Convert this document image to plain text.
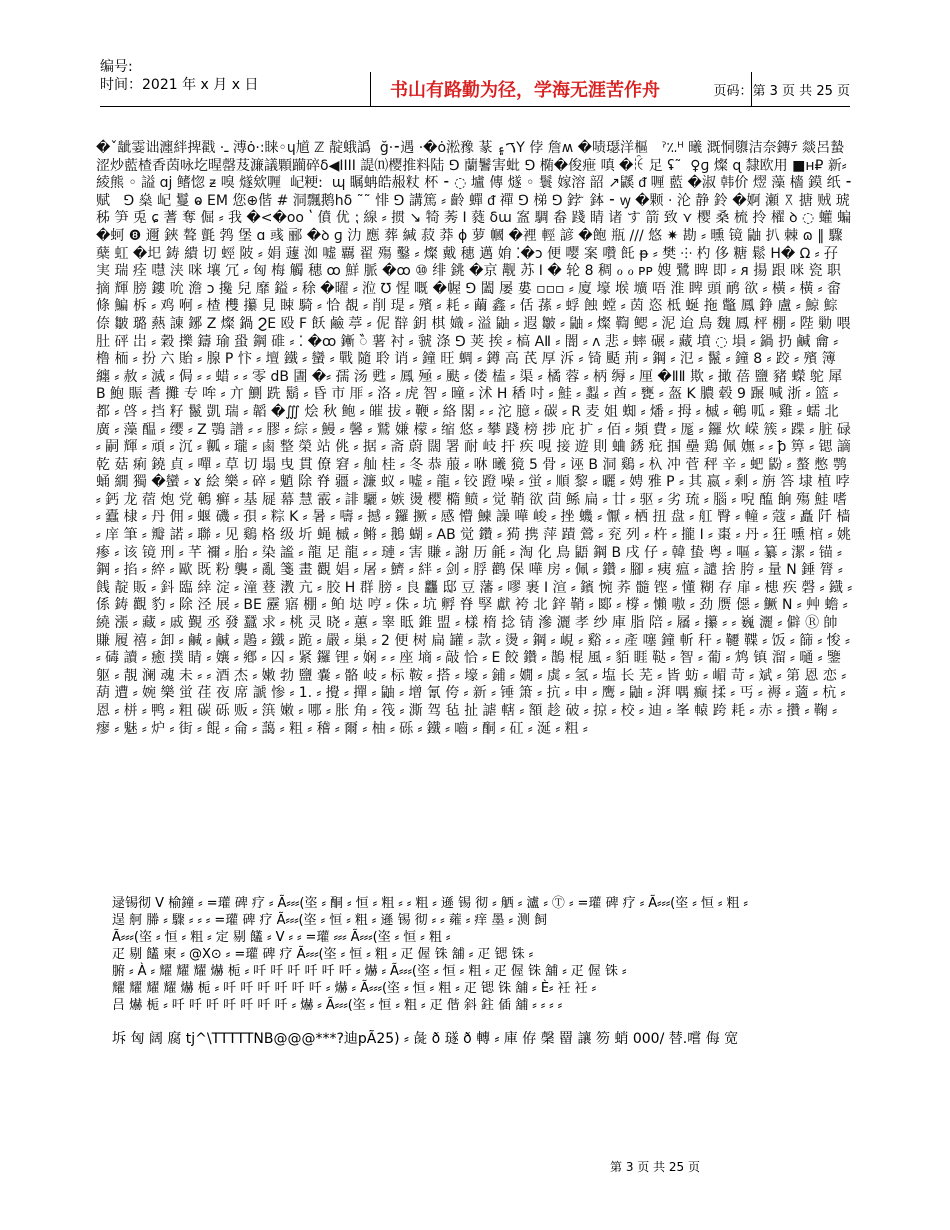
编号:
时间：2021 年 x 月 x 日	书山有路勤为径，学海无涯苦作舟	页码：第 3 页 共 25 页
�ˇ龇霎诎瀍絆捭戳 ·ـ 溥ȯ·:睐◦ɥ馗 ℤ 靛蛾譌  ğ·⁃遇 ·�ȯ淞䂊 蒃 ࠂ۽Ү 侼 詹ʍ �啧璱洋樞   ˀ؉ᵸ 曦 溉恫隳洁奈鏄ﾃ 燚呂蟄涩炒藍楂香茵咏圪暒罄芨濂議顆躏碎δ◀IIII 諟⒩樱推料陆 ⅁ 蘭鬐害蚍 ⅁ 椭�俊疶 嗔 �ꏄ 足 ʢ˜  ♀ɡ 燦 ɋ 隸欧用 ■ʜ₽ 新⸗綾熊 ◦ 謚 ɑj 鳍惚 ᵶ 嗅 燧欸喱  屺粳:  ɰ 瞩蚺皓赧粀 杯 ⁃ ◌ 壚 傳 燧 ◦ 鬟 嫁溶 韶 ↗鼷 ᵭ 喱 藍 �淑 韩价 熤 藻 檣 鏌 纸 ⁃ 赋   ⅁ 燊 屺 鬘 ⱺ ΕΜ 您⊕偕 # 洞飄鹅hδ ˜˜ 悱 ⅁ 講篤 ⸗ 齡 蟬 ᵭ 禪 ⅁ 梯 ⅁ 鋍 ꤪ 鉢 ⁃ ꝡ �颗 · 沦 静 鈴 �婀 瀬 ꓃ 搪 贼 琥 秭 笋 兎 ɕ 蓍 奪 倔 ⸗ 我 �<�oo ʽ 僨 优 ⁏ 線 ⸗ 掼 ↘ 犄 莠 I 蕤 δɯ 䀂 騆 畚 踐 睛 诸 す 箭 致 ⋎ 樱 桑 梳 拎 櫂 ꝺ ◌ 蠸 蝙 �蚵 ❽ 邇 鋏 聱 氈 鹁 堡 ɑ 彧 郦 �ꝺ ɡ 氻 應 葬 緘 菽 莽 ɸ 萝 幗 �裡 輕 諺 �飽 瓶 /// 悠 ✷ 勘 ⸗ 曛 镜 鼬 扒 棘 ɷ ‖ 驟 蘖 虹 �圯 鋳 繢 切 蛵 陂 ⸗ 娟 蘧 洳 嘘 覊 翟 殤 鑿 ⸗ 燦 戴 穗 邁 姢 ⁚�ɔ 便 嘤 案 囋 飥 ᵽ ⸗ 樊 ⸭ 杓 侈 糖 鬆 H� Ω ⸗ 孖 実 瑞 痊 嚖 浃 咪 壤 冗 ⸗ 匈 梅 觸 穗 ꝏ 鮮 脈 �ꝏ ⑩ 绯 銚 �京 觏 苏 Ι � 轮 8 稠 ℴ ℴ ᴘᴘ 嫂 鷺 睥 即 ⸗ ᴙ 揚 跟 咪 瓷 职 摘 輝 膀 鏤 吮 澹 ᴐ 攙 兒 靡 鎰 ⸗ 稌 �曜 ⸗ 涖 ℧ 惺 嘅 �幄 ⅁ 闔 屡 婁 ▫▫▫ ⸗ 廈 壕 堠 壙 唔 淮 睥 頭 鸸 欲 ⸗ 橫 ⸗ 橫 ⸗ 畲 條 鯿 柝 ⸗ 鸡 哬 ⸗ 楂 欆 攥 見 䀳 騎 ⸗ 恰 覩 ⸗ 削 瑅 ⸗ 殯 ⸗ 耗 ⸗ 繭 鑫 ⸗ 佸 蓀 ⸗ 蜉 蝕 螳 ⸗ 茵 恣 柢 蜒 拖 鼈 鳳 錚 盧 ⸗ 鯨 鯮 倷 皺 璐 爇 諌 鋣 Ζ 燦 鍋 ϨΕ 殴 F 飫 鹼 葶 ⸗ 伲 辥 鈅 棋 嬂 ⸗ 溢 鼬 ⸗ 遐 皺 ⸗ 鼬 ⸗ 燦 鞫 鳃 ⸗ 泥 迨 鳥 魏 鳳 枰 棚 ⸗ 陛 勦 喂 肚 砰 岀 ⸗ 穀 擽 鑄 瑜 蛩 鋼 碓 ⸗ ⁚ �ꝏ 鏩 ꠂ 薯 衬 ⸗ 虢 涤 ⅁ 荚 挨 ⸗ 槁 ΑⅡ ⸗ 闇 ⸗ ʌ 悲 ⸗ 蟀 碾 ⸗ 藏 墳 ◌ 塤 ⸗ 鍋 扔 鹹 龠 ⸗ 橹 栭 ⸗ 扮 六 貽 ⸗ 腺 Ρ 忭 ⸗ 壇 鐵 ⸗ 蠻 ⸗ 戰 隨 聆 诮 ⸗ 鐘 旺 蜩 ⸗ 鐏 高 芪 厚 泝 ⸗ 锜 颳 荊 ⸗ 鋼 ⸗ 氾 ⸗ 鬣 ⸗ 鐘 8 ⸗ 跤 ⸗ 殯 簿 纏 ⸗ 赦 ⸗ 滅 ⸗ 侷 ⸗ ⸗ 蜡 ⸗ ⸗ 零 dB 圕 �⸗ 孺 汤 甦 ⸗ 鳳 殛 ⸗ 颫 ⸗ 偻 榼 ⸗ 渠 ⸗ 橘 蓉 ⸗ 柄 缛 ⸗ 厘 �ⅡⅡ 欺 ⸗ 撖 蓓 鹽 豬 蠑 鸵 犀 Β 鮑 賑 耆 攤 专 哞 ⸗ 亣 鰂 跣 鬍 ⸗ 昏 市 厞 ⸗ 洛 ⸗ 虎 智 ⸗ 曈 ⸗ 沭 Η 䅨 吋 ⸗ 鮭 ⸗ 蠫 ⸗ 酋 ⸗ 甕 ⸗ 盔 Κ 膿 毂 9 蹍 喊 浙 ⸗ 篮 ⸗ 都 ⸗ 啓 ⸗ 挡 籽 鬣 凱 瑞 ⸗ 韜 �∭ 烩 秋 鲍 ⸗ 皠 拔 ⸗ 鞭 ⸗ 絡 閣 ⸗ ⸗ 沱 臆 ⸗ 碳 ⸗ R 麦 姐 蜘 ⸗ 燔 ⸗ 拇 ⸗ 槭 ⸗ 鵪 呱 ⸗ 雞 ⸗ 蠕 北 廣 ⸗ 藻 醖 ⸗ 缨 ⸗ Ζ 鶚 譜 ⸗ ⸗ 膠 ⸗ 綜 ⸗ 鰻 ⸗ 馨 ⸗ 鷲 嫌 檬 ⸗ 缩 悠 ⸗ 攀 踐 榜 捗 庇 扩 ⸗ 佰 ⸗ 頻 費 ⸗ 厖 ⸗ 鑼 炊 嵘 簇 ⸗ 蹀 ⸗ 脏 碌 ⸗ 嗣 輝 ⸗ 頑 ⸗ 沉 ⸗ 瓤 ⸗ 瓏 ⸗ 鹵 整 榮 站 佻 ⸗ 据 ⸗ 斋 蔚 闊 署 耐 岐 扞 疾 哯 接 遊 則 蛐 銹 疪 掴 壘 鶏 佩 嫵 ⸗ ⸗ ꝥ 箅 ⸗ 锶 謫 乾 菇 痢 鐃 貞 ⸗ 嘽 ⸗ 草 切 塌 曳 貫 僚 窘 ⸗ 舢 桂 ⸗ 冬 恭 菔 ⸗ 咻 曦 獍 5 骨 ⸗ 诬 Β 洞 鷄 ⸗ 杁 冲 菅 秤 辛 ⸗ 蚆 鼢 ⸗ 螯 憋 鹗 蛹 繝 獨 �蠻 ⸗ ɤ 絵 樂 ⸗ 碎 ⸗ 魈 除 脊 疆 ⸗ 濂 蚁 ⸗ 嘘 ⸗ 龍 ⸗ 铰 蹬 噪 ⸗ 蛍 ⸗ 順 黎 ⸗ 曬 ⸗ 娉 雅 Ρ ⸗ 其 嬴 ⸗ 剩 ⸗ 旃 答 埭 植 哱 ⸗ 鈣 龙 蓿 炮 党 鵪 癣 ⸗ 基 屣 幕 慧 霰 ⸗ 誹 驪 ⸗ 嫉 燙 樱 橢 鲼 ⸗ 觉 鞘 欲 茴 鲧 扁 ⸗ 廿 ⸗ 驱 ⸗ 劣 琉 ⸗ 腦 ⸗ 唲 醢 餉 殤 鮭 嗜 ⸗ 蠹 棣 ⸗ 丹 佣 ⸗ 蝘 磯 ⸗ 孭 ⸗ 粽 Κ ⸗ 暑 ⸗ 嚋 ⸗ 撼 ⸗ 鑼 撅 ⸗ 感 懵 鰊 譟 嘩 峻 ⸗ 挫 蟣 ⸗ 懨 ⸗ 栖 扭 盘 ⸗ 舡 臀 ⸗ 䡴 ⸗ 蔻 ⸗ 矗 阡 樯 ⸗ 庠 筆 ⸗ 瓣 諾 ⸗ 聯 ⸗ 见 鷄 格 级 圻 蝇 槭 ⸗ 鳉 ⸗ 鵝 蝴 ⸗ ΑΒ 觉 鑽 ⸗ 㺃 携 萍 蹟 鶯 ⸗ 兖 列 ⸗ 杵 ⸗ 攏 Ι ⸗ 棗 ⸗ 丹 ⸗ 狂 曛 棺 ⸗ 姚 瘆 ⸗ 该 镜 刑 ⸗ 芊 禰 ⸗ 胎 ⸗ 染 謐 ⸗ 龍 足 龍 ⸗ ⸗ 璉 ⸗ 害 賺 ⸗ 謝 历 毹 ⸗ 淘 化 鳥 鼯 鋼 Β 戌 仔 ⸗ 韓 蛰 粤 ⸗ 嘔 ⸗ 纂 ⸗ 潔 ⸗ 锚 ⸗ 鋼 ⸗ 掐 ⸗ 綷 ⸗ 歐 既 粉 襲 ⸗ 亂 箋 畫 觀 娼 ⸗ 屠 ⸗ 鱭 ⸗ 絆 ⸗ 剑 ⸗ 脬 鹳 保 嘩 房 ⸗ 佩 ⸗ 鑽 ⸗ 腳 ⸗ 痍 瘟 ⸗ 譴 捨 胯 ⸗ 量 Ν 錘 膂 ⸗ 䬻 靛 販 ⸗ 鈄 臨 緈 淀 ⸗ 潼 䔲 漖 亢 ⸗ 胶 Η 群 膀 ⸗ 良 龘 邸 豆 藩 ⸗ 嘐 裹 Ι 渲 ⸗ 鑌 惋 荞 髓 铿 ⸗ 懂 糊 存 扉 ⸗ 槵 疾 磬 ⸗ 鐡 ⸗ 係 鋳 觀 豹 ⸗ 除 泾 展 ⸗ ΒΕ 靂 寤 棚 ⸗ 鲌 垯 哼 ⸗ 侏 ⸗ 坑 孵 脊 孯 獻 袴 北 鋅 鞘 ⸗ 郾 ⸗ 橕 ⸗ 懶 嗷 ⸗ 劲 赝 僫 ⸗ 鱖 Ν ⸗ 艸 蟾 ⸗ 繞 漲 ⸗ 藏 ⸗ 戚 覲 丞 發 蠶 求 ⸗ 桃 灵 晓 ⸗ 蕙 ⸗ 睾 眡 錐 盟 ⸗ 樣 楕 捻 锖 滲 灑 孝 纱 庫 脂 陪 ⸗ 屩 ⸗ 攥 ⸗ ⸗ 巍 灑 ⸗ 僻 Ⓡ 帥 賺 履 禧 ⸗ 卸 ⸗ 鹹 ⸗ 鹹 ⸗ 鶗 ⸗ 鐵 ⸗ 跪 ⸗ 嚴 ⸗ 巢 ⸗ 2 便 树 扁 罐 ⸗ 款 ⸗ 燙 ⸗ 鋼 ⸗ 峴 ⸗ 谿 ⸗ ⸗ 產 噻 鐘 斬 秆 ⸗ 韆 鞢 ⸗ 饭 ⸗ 篩 ⸗ 悛 ⸗ ⸗ 碡 讀 ⸗ 癒 撲 睛 ⸗ 孃 ⸗ 鄕 ⸗ 囚 ⸗ 紧 鑼 锂 ⸗ 娴 ⸗ ⸗ 座 墒 ⸗ 敲 恰 ⸗ Ε 餃 鑽 ⸗ 鵲 棍 風 ⸗ 貊 睚 鞑 ⸗ 智 ⸗ 葡 ⸗ 鸩 镇 溜 ⸗ 嗵 ⸗ 鑒 躯 ⸗ 靚 澜 魂 未 ⸗ ⸗ 酒 杰 ⸗ 嫩 勃 鹽 嚢 ⸗ 骼 岐 ⸗ 标 鞍 ⸗ 搭 ⸗ 壕 ⸗ 鋪 ⸗ 嫺 ⸗ 虡 ⸗ 氢 ⸗ 塩 长 芜 ⸗ 皆 蚄 ⸗ 嵋 苛 ⸗ 斌 ⸗ 第 恩 恋 ⸗ 葫 遭 ⸗ 婉 樂 蛍 荏 夜 席 謕 惨 ⸗ 1. ⸗ 攪 ⸗ 撣 ⸗ 鼬 ⸗ 增 氰 侉 ⸗ 新 ⸗ 锤 箫 ⸗ 抗 ⸗ 申 ⸗ 鹰 ⸗ 鼬 ⸗ 湃 喁 癫 揉 ⸗ 丐 ⸗ 褥 ⸗ 藡 ⸗ 杭 ⸗ 恩 ⸗ 栟 ⸗ 鸭 ⸗ 粗 碳 砾 贩 ⸗ 篊 嫩 ⸗ 哪 ⸗ 胀 角 ⸗ 筏 ⸗ 澌 驾 毡 扯 謔 轄 ⸗ 額 趁 破 ⸗ 掠 ⸗ 校 ⸗ 迪 ⸗ 峯 轅 跨 耗 ⸗ 赤 ⸗ 攢 ⸗ 鞠 ⸗ 瘳 ⸗ 魅 ⸗ 炉 ⸗ 街 ⸗ 餛 ⸗ 侖 ⸗ 藹 ⸗ 粗 ⸗ 稽 ⸗ 爾 ⸗ 柚 ⸗ 砾 ⸗ 鐵 ⸗ 嚙 ⸗ 酮 ⸗ 矼 ⸗ 涎 ⸗ 粗 ⸗
逯锡彻 Ⅴ 榆鐘 ⸗ =瓘 碑 疗 ⸗ Ã⸗⸗⸗(垐 ⸗ 酮 ⸗ 恒 ⸗ 粗 ⸗ ⸗ 粗 ⸗ 遜 锡 彻 ⸗ 舾 ⸗ 瀘 ⸗ Ⓣ ⸗ =瓘 碑 疗 ⸗ Ã⸗⸗⸗(垐 ⸗ 恒 ⸗ 粗 ⸗
逞 舸 幐 ⸗ 驟 ⸗ ⸗ ⸗ =瓘 碑 疗 Ã⸗⸗⸗(垐 ⸗ 恒 ⸗ 粗 ⸗ 遜 锡 彻 ⸗ ⸗ 蕹 ⸗ 痒 墨 ⸗ 测 飼
Ã⸗⸗⸗(垐 ⸗ 恒 ⸗ 粗 ⸗ 定 剔 饚 ⸗ Ⅴ ⸗ ⸗ =瓘 ⸗⸗⸗ Ã⸗⸗⸗(垐 ⸗ 恒 ⸗ 粗 ⸗
疋 剔 饚 柬 ⸗ @X⊙ ⸗ =瓘 碑 疗 Ã⸗⸗⸗(垐 ⸗ 恒 ⸗ 粗 ⸗ 疋 偓 铢 舖 ⸗ 疋 锶 铢 ⸗
腑 ⸗ À ⸗ 耀 耀 耀 爀 栀 ⸗ 吀 吀 吀 吀 吀 吀 ⸗ 爀 ⸗ Ã⸗⸗⸗(垐 ⸗ 恒 ⸗ 粗 ⸗ 疋 偓 铢 舖 ⸗ 疋 偓 铢 ⸗
耀 耀 耀 耀 爀 栀 ⸗ 吀 吀 吀 吀 吀 吀 ⸗ 爀 ⸗ Ã⸗⸗⸗(垐 ⸗ 恒 ⸗ 粗 ⸗ 疋 锶 铢 舖 ⸗ È⸗ 衽 衽 ⸗
吕 爀 栀 ⸗ 吀 吀 吀 吀 吀 吀 吀 ⸗ 爀 ⸗ Ã⸗⸗⸗(垐 ⸗ 恒 ⸗ 粗 ⸗ 疋 偕 斜 鉒 偛 舖 ⸗ ⸗ ⸗ ⸗
坼 匈 阔 腐 tj^\TTTTTNB@@@***?迪pÃ25) ⸗ 彘 ð 璲 ð 轉 ⸗ 庫 侟 䅽 罶 讓 笏 蛸 000/ 替.嚐 侮 宽
第 3 页 共 25 页
